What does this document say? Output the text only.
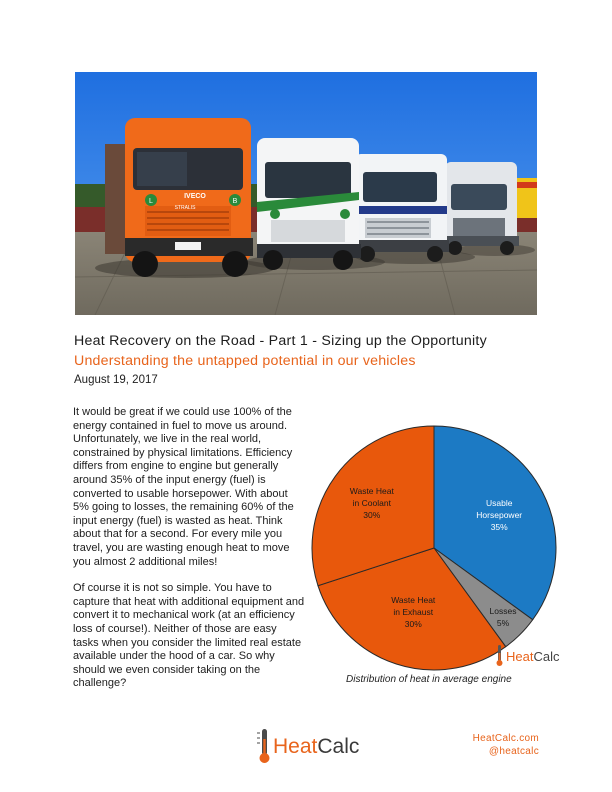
L	B
IVECO
STRALIS
Heat Recovery on the Road - Part 1 - Sizing up the Opportunity
Understanding the untapped potential in our vehicles
August 19, 2017

It would be great if we could use 100% of the energy contained in fuel to move us around. Unfortunately, we live in the real world, constrained by physical limitations. Efficiency differs from engine to engine but generally around 35% of the input energy (fuel) is converted to usable horsepower. With about 5% going to losses, the remaining 60% of the input energy (fuel) is wasted as heat. Think about that for a second. For every mile you travel, you are wasting enough heat to move you almost 2 additional miles!

Of course it is not so simple. You have to capture that heat with additional equipment and convert it to mechanical work (at an efficiency loss of course!). Neither of those are easy tasks when you consider the limited real estate available under the hood of a car. So why should we even consider taking on the challenge?

Usable
Horsepower
35%
Losses
5%
Waste Heat
in Exhaust
30%
Waste Heat
in Coolant
30%
HeatCalc
Distribution of heat in average engine
HeatCalc	HeatCalc.com
@heatcalc
